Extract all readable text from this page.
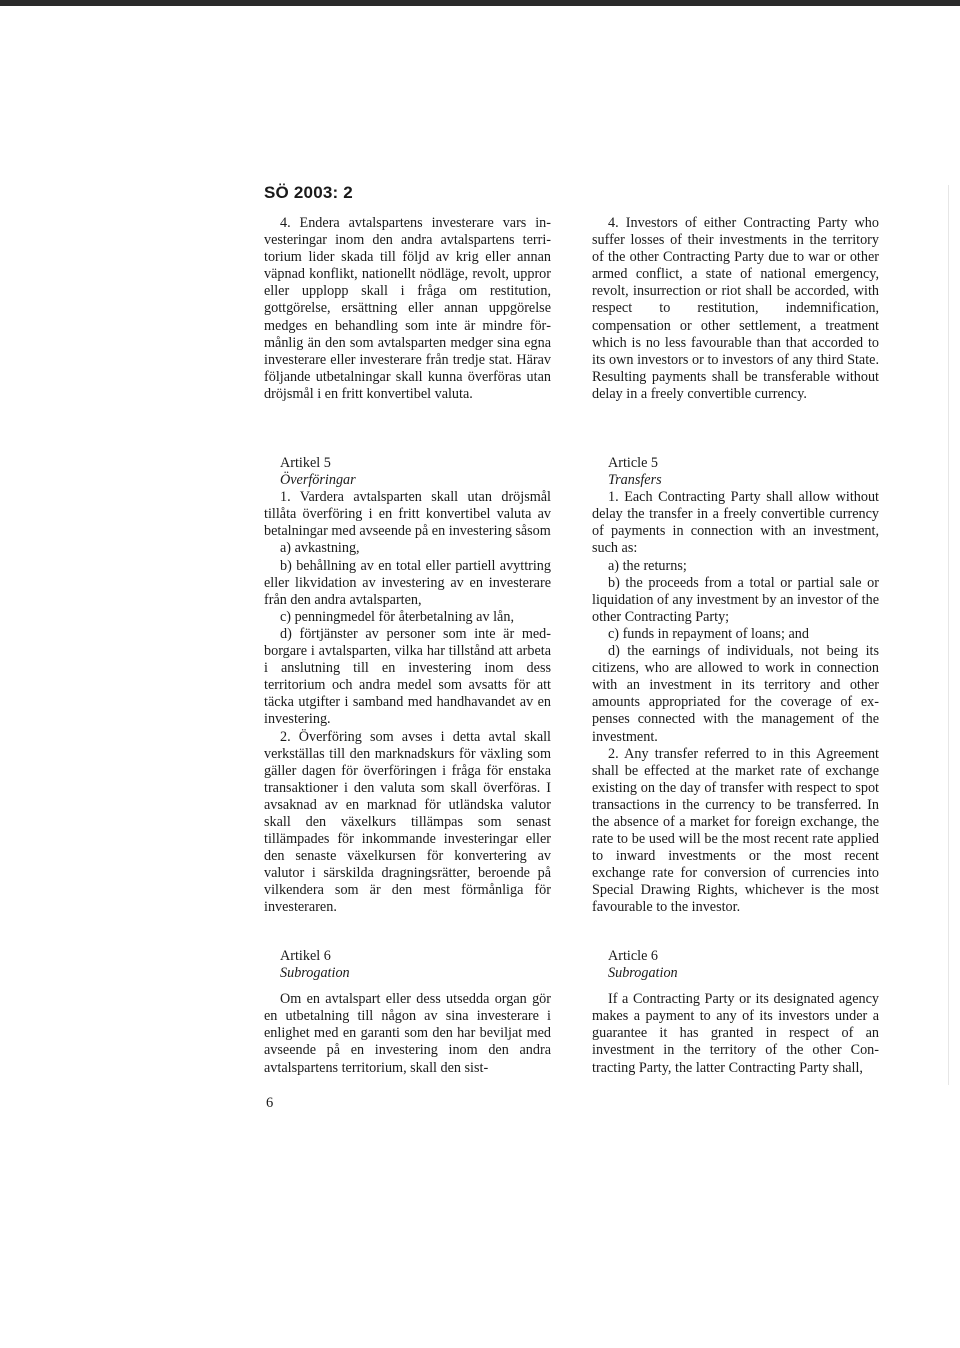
SÖ 2003: 2

4. Endera avtalspartens investerare vars investeringar inom den andra avtalspartens territorium lider skada till följd av krig eller annan väpnad konflikt, nationellt nödläge, revolt, uppror eller upplopp skall i fråga om restitution, gottgörelse, ersättning eller annan uppgörelse medges en behandling som inte är mindre förmånlig än den som avtalsparten medger sina egna investerare eller investerare från tredje stat. Härav följande utbetalningar skall kunna överföras utan dröjsmål i en fritt konvertibel valuta.

Artikel 5

Överföringar

1. Vardera avtalsparten skall utan dröjsmål tillåta överföring i en fritt konvertibel valuta av betalningar med avseende på en investering såsom

a) avkastning,

b) behållning av en total eller partiell avyttring eller likvidation av investering av en investerare från den andra avtalsparten,

c) penningmedel för återbetalning av lån,

d) förtjänster av personer som inte är medborgare i avtalsparten, vilka har tillstånd att arbeta i anslutning till en investering inom dess territorium och andra medel som avsatts för att täcka utgifter i samband med handhavandet av en investering.

2. Överföring som avses i detta avtal skall verkställas till den marknadskurs för växling som gäller dagen för överföringen i fråga för enstaka transaktioner i den valuta som skall överföras. I avsaknad av en marknad för utländska valutor skall den växelkurs tillämpas som senast tillämpades för inkommande investeringar eller den senaste växelkursen för konvertering av valutor i särskilda dragningsrätter, beroende på vilkendera som är den mest förmånliga för investeraren.

Artikel 6

Subrogation

Om en avtalspart eller dess utsedda organ gör en utbetalning till någon av sina investerare i enlighet med en garanti som den har beviljat med avseende på en investering inom den andra avtalspartens territorium, skall den sist-

4. Investors of either Contracting Party who suffer losses of their investments in the territory of the other Contracting Party due to war or other armed conflict, a state of national emergency, revolt, insurrection or riot shall be accorded, with respect to restitution, indemnification, compensation or other settlement, a treatment which is no less favourable than that accorded to its own investors or to investors of any third State. Resulting payments shall be transferable without delay in a freely convertible currency.

Article 5

Transfers

1. Each Contracting Party shall allow without delay the transfer in a freely convertible currency of payments in connection with an investment, such as:

a) the returns;

b) the proceeds from a total or partial sale or liquidation of any investment by an investor of the other Contracting Party;

c) funds in repayment of loans; and

d) the earnings of individuals, not being its citizens, who are allowed to work in connection with an investment in its territory and other amounts appropriated for the coverage of expenses connected with the management of the investment.

2. Any transfer referred to in this Agreement shall be effected at the market rate of exchange existing on the day of transfer with respect to spot transactions in the currency to be transferred. In the absence of a market for foreign exchange, the rate to be used will be the most recent rate applied to inward investments or the most recent exchange rate for conversion of currencies into Special Drawing Rights, whichever is the most favourable to the investor.

Article 6

Subrogation

If a Contracting Party or its designated agency makes a payment to any of its investors under a guarantee it has granted in respect of an investment in the territory of the other Contracting Party, the latter Contracting Party shall,

6
